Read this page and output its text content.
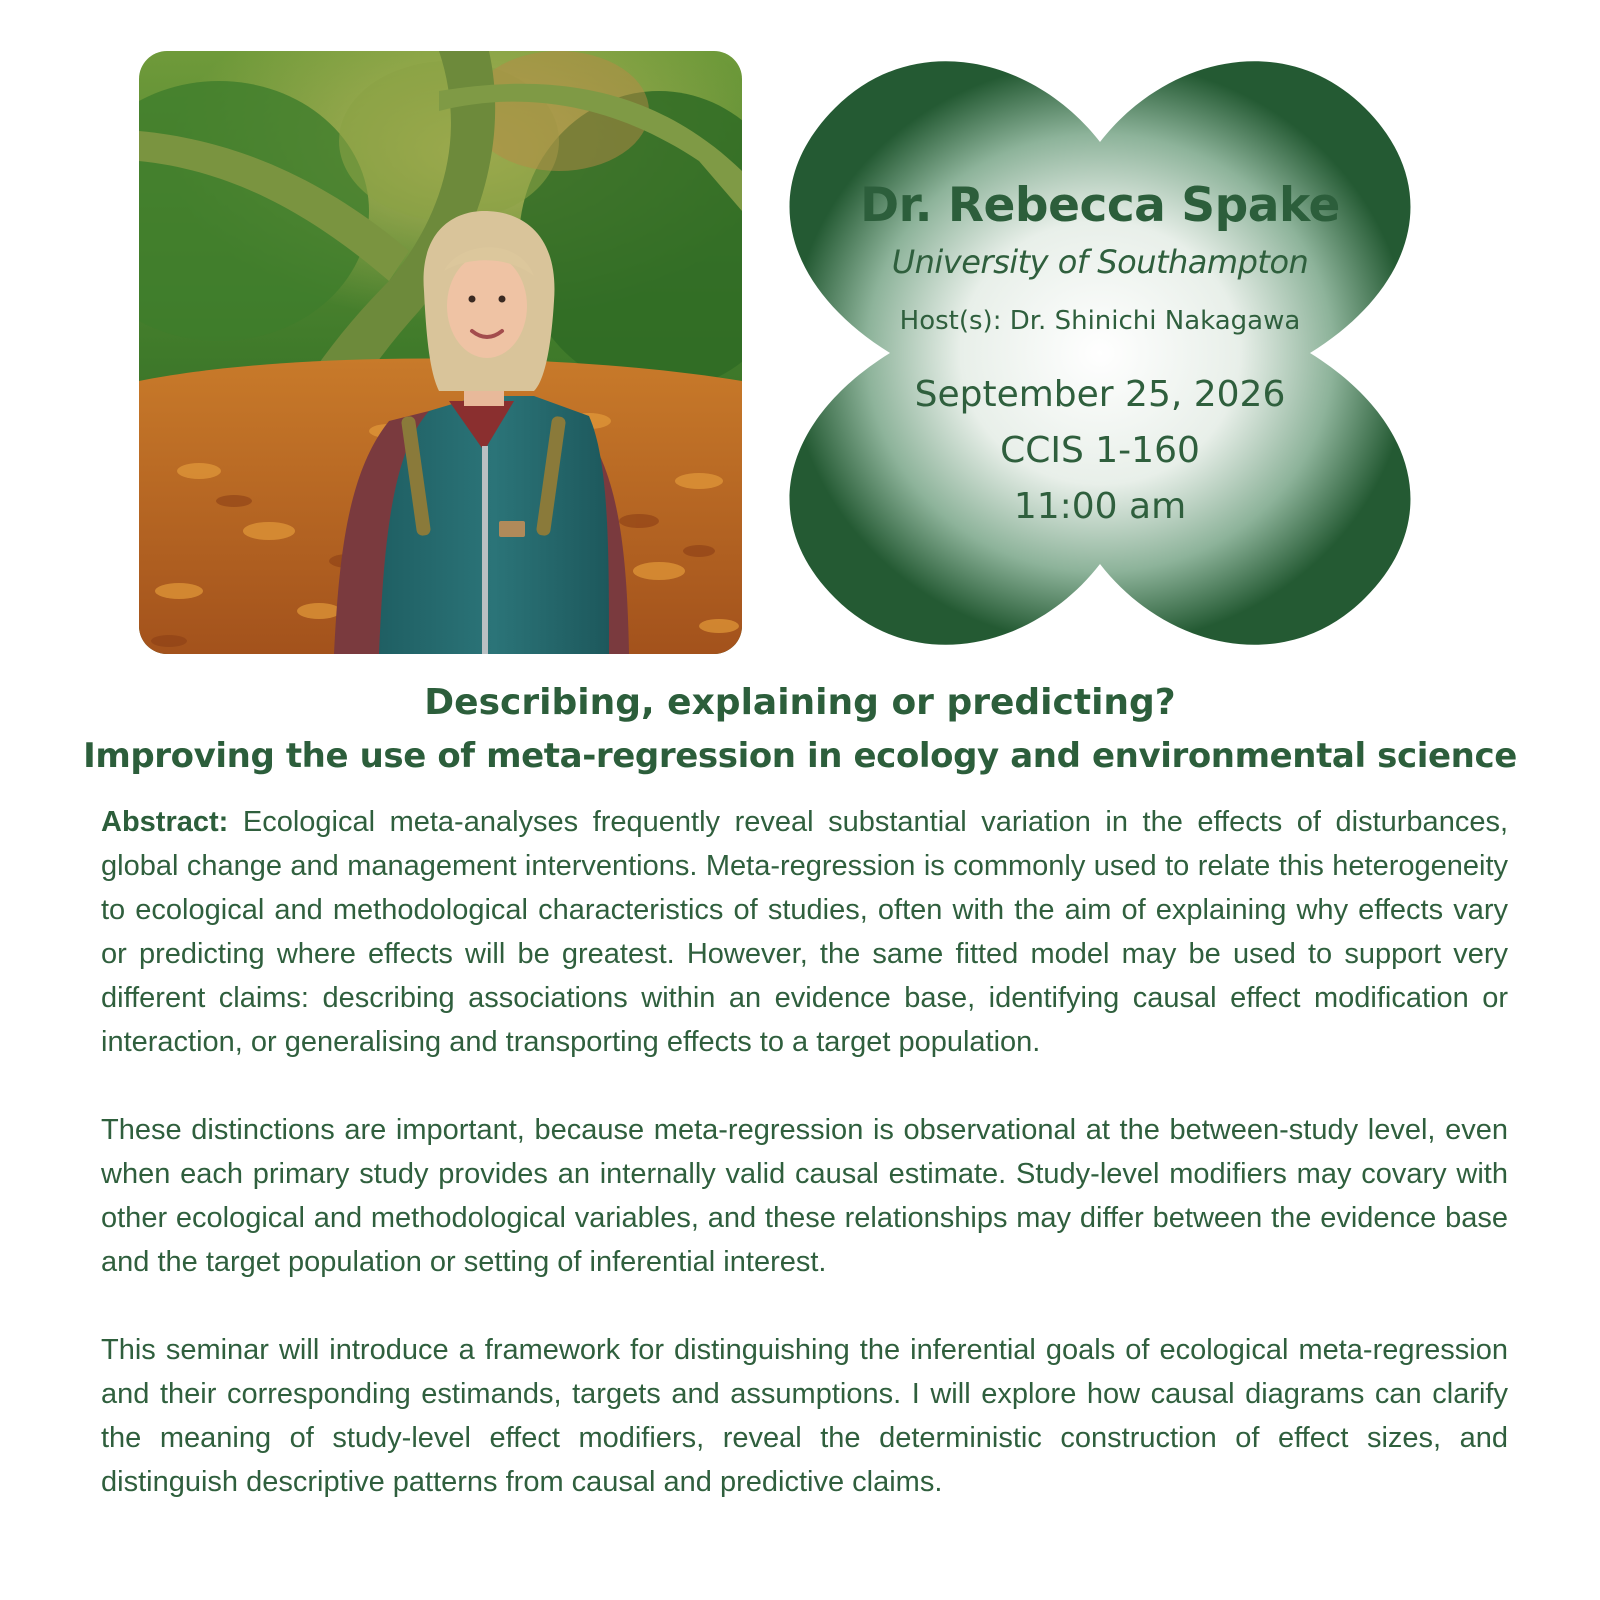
Dr. Rebecca Spake
University of Southampton
Host(s): Dr. Shinichi Nakagawa
September 25, 2026
CCIS 1-160
11:00 am
Describing, explaining or predicting?
Improving the use of meta-regression in ecology and environmental science

Abstract: Ecological meta-analyses frequently reveal substantial variation in the effects of disturbances, global change and management interventions. Meta-regression is commonly used to relate this heterogeneity to ecological and methodological characteristics of studies, often with the aim of explaining why effects vary or predicting where effects will be greatest. However, the same fitted model may be used to support very different claims: describing associations within an evidence base, identifying causal effect modification or interaction, or generalising and transporting effects to a target population.

These distinctions are important, because meta-regression is observational at the between-study level, even when each primary study provides an internally valid causal estimate. Study-level modifiers may covary with other ecological and methodological variables, and these relationships may differ between the evidence base and the target population or setting of inferential interest.

This seminar will introduce a framework for distinguishing the inferential goals of ecological meta-regression and their corresponding estimands, targets and assumptions. I will explore how causal diagrams can clarify the meaning of study-level effect modifiers, reveal the deterministic construction of effect sizes, and distinguish descriptive patterns from causal and predictive claims.
